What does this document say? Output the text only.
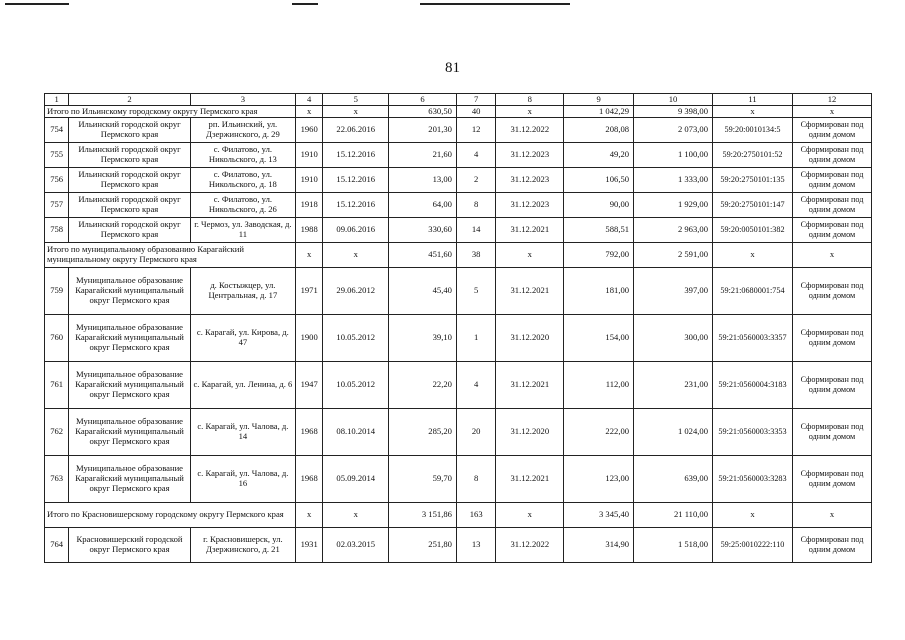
81
1	2	3	4	5	6	7	8	9	10	11	12
Итого по Ильинскому городскому округу Пермского края			х	х	630,50	40	х	1 042,29	9 398,00	х	х
754	Ильинский городской округ Пермского края	рп. Ильинский, ул. Дзержинского, д. 29	1960	22.06.2016	201,30	12	31.12.2022	208,08	2 073,00	59:20:0010134:5	Сформирован под одним домом
755	Ильинский городской округ Пермского края	с. Филатово, ул. Никольского, д. 13	1910	15.12.2016	21,60	4	31.12.2023	49,20	1 100,00	59:20:2750101:52	Сформирован под одним домом
756	Ильинский городской округ Пермского края	с. Филатово, ул. Никольского, д. 18	1910	15.12.2016	13,00	2	31.12.2023	106,50	1 333,00	59:20:2750101:135	Сформирован под одним домом
757	Ильинский городской округ Пермского края	с. Филатово, ул. Никольского, д. 26	1918	15.12.2016	64,00	8	31.12.2023	90,00	1 929,00	59:20:2750101:147	Сформирован под одним домом
758	Ильинский городской округ Пермского края	г. Чермоз, ул. Заводская, д. 11	1988	09.06.2016	330,60	14	31.12.2021	588,51	2 963,00	59:20:0050101:382	Сформирован под одним домом
Итого по муниципальному образованию Карагайский муниципальному округу Пермского края			х	х	451,60	38	х	792,00	2 591,00	х	х
759	Муниципальное образование Карагайский муниципальный округ Пермского края	д. Костыжцер, ул. Центральная, д. 17	1971	29.06.2012	45,40	5	31.12.2021	181,00	397,00	59:21:0680001:754	Сформирован под одним домом
760	Муниципальное образование Карагайский муниципальный округ Пермского края	с. Карагай, ул. Кирова, д. 47	1900	10.05.2012	39,10	1	31.12.2020	154,00	300,00	59:21:0560003:3357	Сформирован под одним домом
761	Муниципальное образование Карагайский муниципальный округ Пермского края	с. Карагай, ул. Ленина, д. 6	1947	10.05.2012	22,20	4	31.12.2021	112,00	231,00	59:21:0560004:3183	Сформирован под одним домом
762	Муниципальное образование Карагайский муниципальный округ Пермского края	с. Карагай, ул. Чалова, д. 14	1968	08.10.2014	285,20	20	31.12.2020	222,00	1 024,00	59:21:0560003:3353	Сформирован под одним домом
763	Муниципальное образование Карагайский муниципальный округ Пермского края	с. Карагай, ул. Чалова, д. 16	1968	05.09.2014	59,70	8	31.12.2021	123,00	639,00	59:21:0560003:3283	Сформирован под одним домом
Итого по Красновишерскому городскому округу Пермского края			х	х	3 151,86	163	х	3 345,40	21 110,00	х	х
764	Красновишерский городской округ Пермского края	г. Красновишерск, ул. Дзержинского, д. 21	1931	02.03.2015	251,80	13	31.12.2022	314,90	1 518,00	59:25:0010222:110	Сформирован под одним домом
